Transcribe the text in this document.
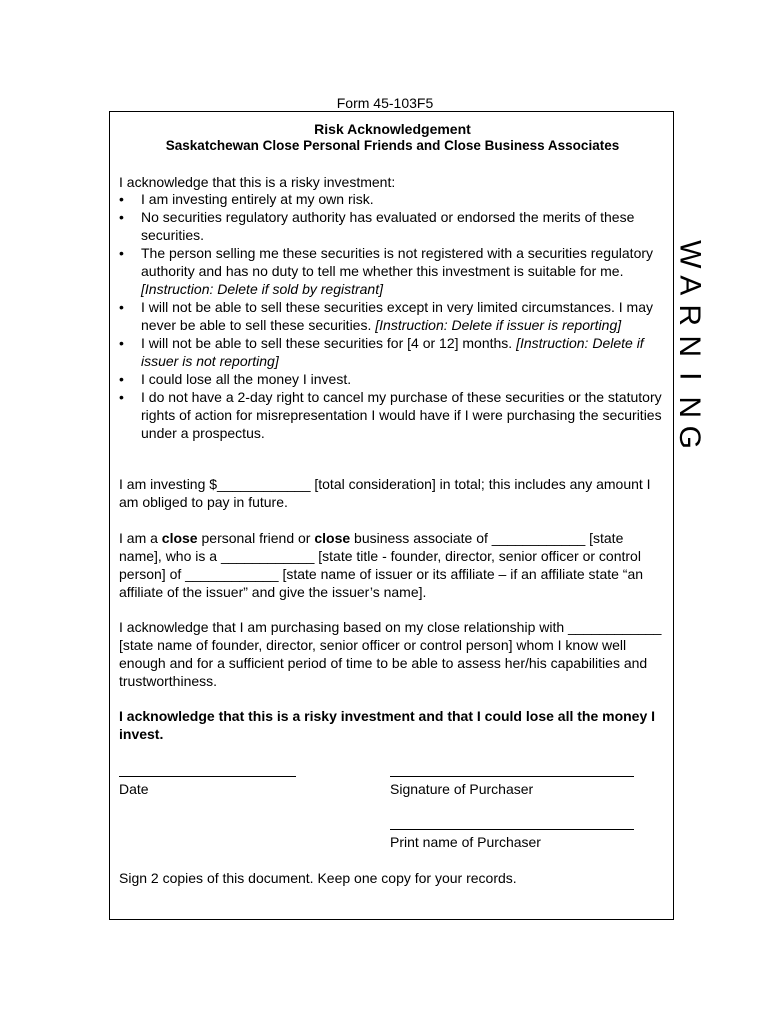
Form 45-103F5
Risk Acknowledgement
Saskatchewan Close Personal Friends and Close Business Associates
I acknowledge that this is a risky investment:
• I am investing entirely at my own risk.
• No securities regulatory authority has evaluated or endorsed the merits of these securities.
• The person selling me these securities is not registered with a securities regulatory authority and has no duty to tell me whether this investment is suitable for me. [Instruction: Delete if sold by registrant]
• I will not be able to sell these securities except in very limited circumstances. I may never be able to sell these securities. [Instruction: Delete if issuer is reporting]
• I will not be able to sell these securities for [4 or 12] months. [Instruction: Delete if issuer is not reporting]
• I could lose all the money I invest.
• I do not have a 2-day right to cancel my purchase of these securities or the statutory rights of action for misrepresentation I would have if I were purchasing the securities under a prospectus.
I am investing $____________ [total consideration] in total; this includes any amount I am obliged to pay in future.
I am a close personal friend or close business associate of ____________ [state name], who is a ____________ [state title - founder, director, senior officer or control person] of ____________ [state name of issuer or its affiliate – if an affiliate state “an affiliate of the issuer” and give the issuer’s name].
I acknowledge that I am purchasing based on my close relationship with ____________ [state name of founder, director, senior officer or control person] whom I know well enough and for a sufficient period of time to be able to assess her/his capabilities and trustworthiness.
I acknowledge that this is a risky investment and that I could lose all the money I invest.
Date	Signature of Purchaser
Print name of Purchaser
Sign 2 copies of this document. Keep one copy for your records.
W
A
R
N
I
N
G
